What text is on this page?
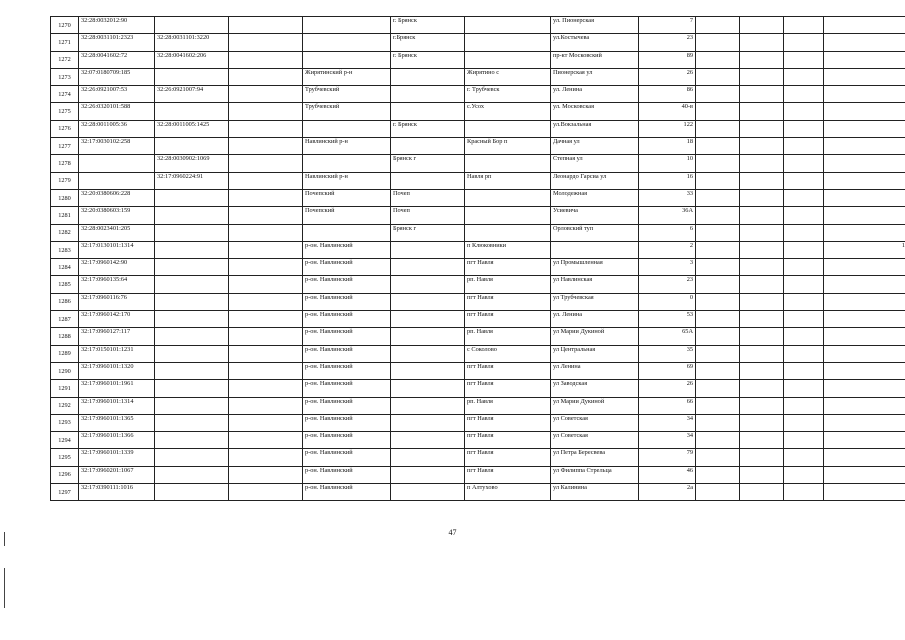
1270	32:28:0032012:90				г. Брянск		ул. Пионерская	7				
1271	32:28:0031101:2323	32:28:0031101:3220			г.Брянск		ул.Костычева	23				
1272	32:28:0041602:72	32:28:0041602:206			г. Брянск		пр-кт Московский	89				
1273	32:07:0180709:185			Жирятинский р-н		Жирятино с	Пионерская ул	26				
1274	32:26:0921007:53	32:26:0921007:94		Трубчевский		г. Трубчевск	ул. Ленина	86				
1275	32:26:0320101:588			Трубчевский		с.Усох	ул. Московская	40-в				
1276	32:28:0011005:36	32:28:0011005:1425			г. Брянск		ул.Вокзальная	122				
1277	32:17:0030102:258			Навлинский р-н		Красный Бор п	Дачная ул	18				
1278		32:28:0030902:1069			Брянск г		Степная ул	10				
1279		32:17:0960224:91		Навлинский р-н		Навля рп	Леонардо Гарсиа ул	16				
1280	32:20:0380606:228			Почепский	Почеп		Молодежная	33				
1281	32:20:0380603:159			Почепский	Почеп		Усиевича	36А				
1282	32:28:0023401:205				Брянск г		Орловский туп	6				
1283	32:17:0130101:1314			р-он. Навлинский		п Клюковники		2				1
1284	32:17:0960142:90			р-он. Навлинский		пгт Навля	ул Промышленная	3				
1285	32:17:0960135:64			р-он. Навлинский		рп. Навля	ул Навлинская	23				
1286	32:17:0960116:76			р-он. Навлинский		пгт Навля	ул Трубчевская	0				
1287	32:17:0960142:170			р-он. Навлинский		пгт Навля	ул. Ленина	53				
1288	32:17:0960127:117			р-он. Навлинский		рп. Навля	ул Марии Дукиной	65А				
1289	32:17:0150101:1231			р-он. Навлинский		с Соколово	ул Центральная	35				
1290	32:17:0960101:1320			р-он. Навлинский		пгт Навля	ул Ленина	69				
1291	32:17:0960101:1961			р-он. Навлинский		пгт Навля	ул Заводская	26				
1292	32:17:0960101:1314			р-он. Навлинский		рп. Навля	ул Марии Дукиной	66				
1293	32:17:0960101:1365			р-он. Навлинский		пгт Навля	ул Советская	34				
1294	32:17:0960101:1366			р-он. Навлинский		пгт Навля	ул Советская	34				
1295	32:17:0960101:1339			р-он. Навлинский		пгт Навля	ул Петра Бересвева	79				
1296	32:17:0960201:1067			р-он. Навлинский		пгт Навля	ул Филиппа Стрельца	46				
1297	32:17:0390111:1016			р-он. Навлинский		п Алтухово	ул Калинина	2а				
47
